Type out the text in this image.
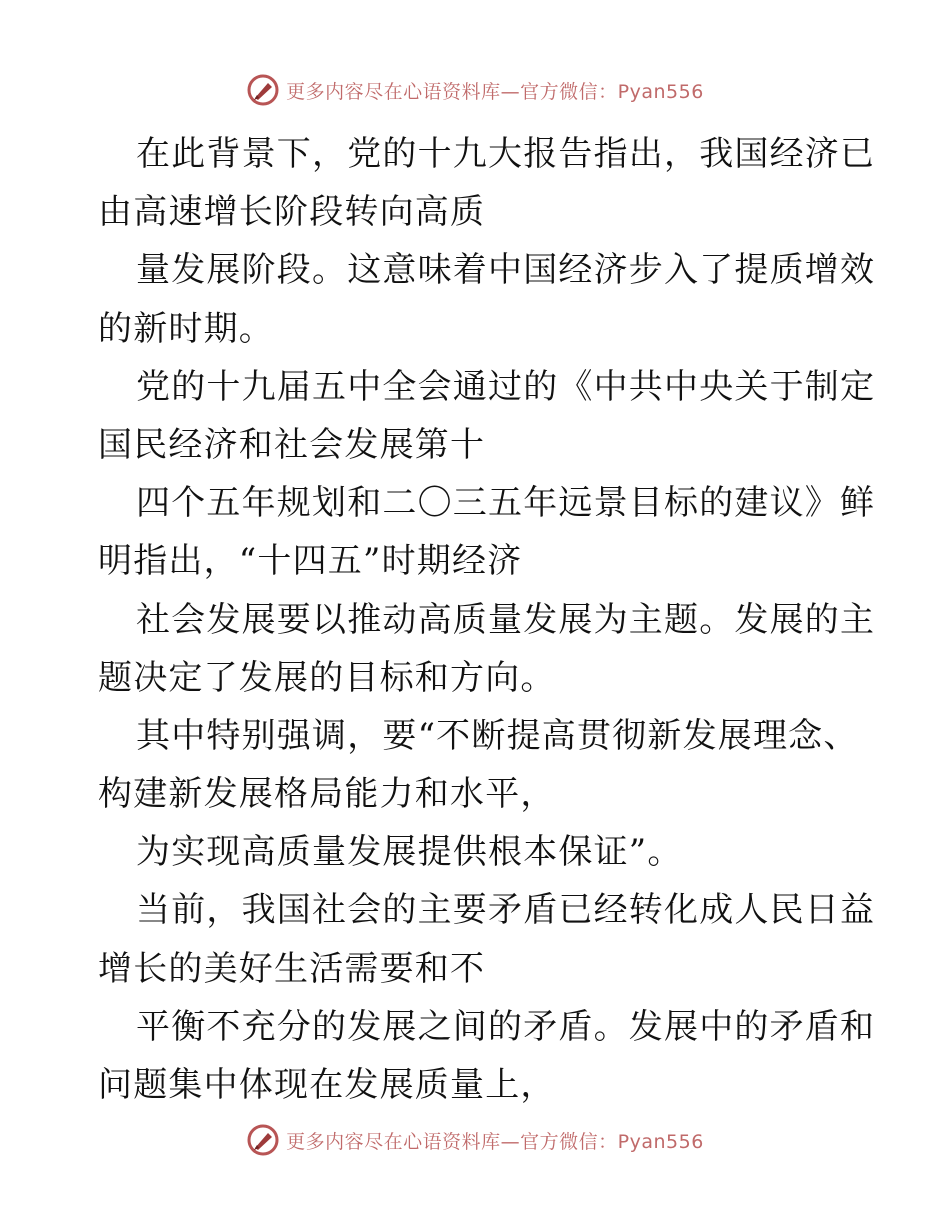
更多内容尽在心语资料库—官方微信：Pyan556
在此背景下，党的十九大报告指出，我国经济已
由高速增长阶段转向高质
量发展阶段。这意味着中国经济步入了提质增效
的新时期。
党的十九届五中全会通过的《中共中央关于制定
国民经济和社会发展第十
四个五年规划和二〇三五年远景目标的建议》鲜
明指出，“十四五”时期经济
社会发展要以推动高质量发展为主题。发展的主
题决定了发展的目标和方向。
其中特别强调，要“不断提高贯彻新发展理念、
构建新发展格局能力和水平，
为实现高质量发展提供根本保证”。
当前，我国社会的主要矛盾已经转化成人民日益
增长的美好生活需要和不
平衡不充分的发展之间的矛盾。发展中的矛盾和
问题集中体现在发展质量上，
更多内容尽在心语资料库—官方微信：Pyan556
